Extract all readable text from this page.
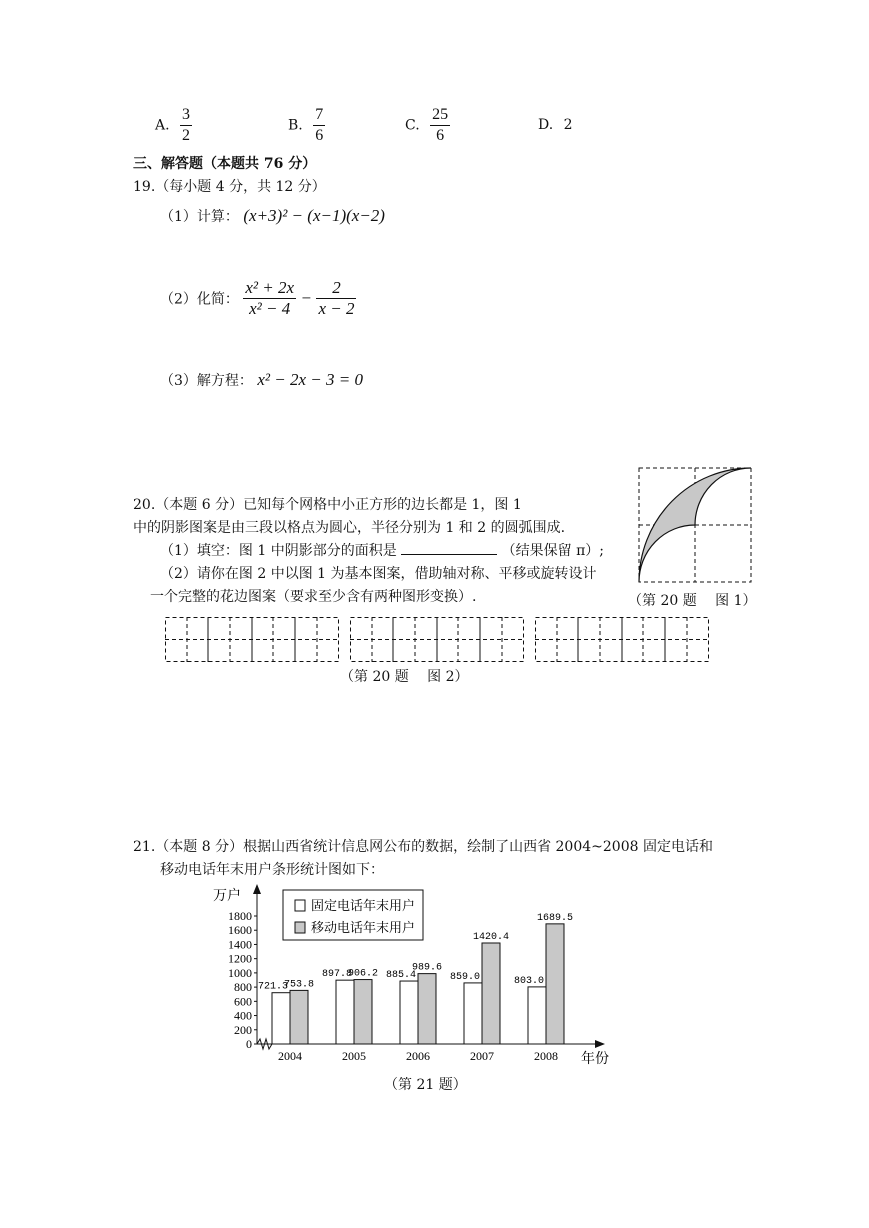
A. $\frac{3}{2}$	B. $\frac{7}{6}$	C. $\frac{25}{6}$	D. 2
三、解答题（本题共 76 分）
19.（每小题 4 分，共 12 分）
（1）计算： (x+3)² − (x−1)(x−2)
（2）化简： $\frac{\text{x² + 2x}}{\text{x² − 4}} - \frac{2}{x - 2}$
（3）解方程： x² − 2x − 3 = 0
20.（本题 6 分）已知每个网格中小正方形的边长都是 1，图 1
中的阴影图案是由三段以格点为圆心，半径分别为 1 和 2 的圆弧围成.
（1）填空：图 1 中阴影部分的面积是	（结果保留 π）;
（2）请你在图 2 中以图 1 为基本图案，借助轴对称、平移或旋转设计
一个完整的花边图案（要求至少含有两种图形变换）.	（第 20 题　 图 1）
（第 20 题　 图 2）
21.（本题 8 分）根据山西省统计信息网公布的数据，绘制了山西省 2004~2008 固定电话和
移动电话年末用户条形统计图如下：
0
200
400
600
800
1000
1200
1400
1600
1800
万户
年份
721.3
753.8
2004
897.8
906.2
2005
885.4
989.6
2006
859.0
1420.4
2007
803.0
1689.5
2008
固定电话年末用户
移动电话年末用户
（第 21 题）
